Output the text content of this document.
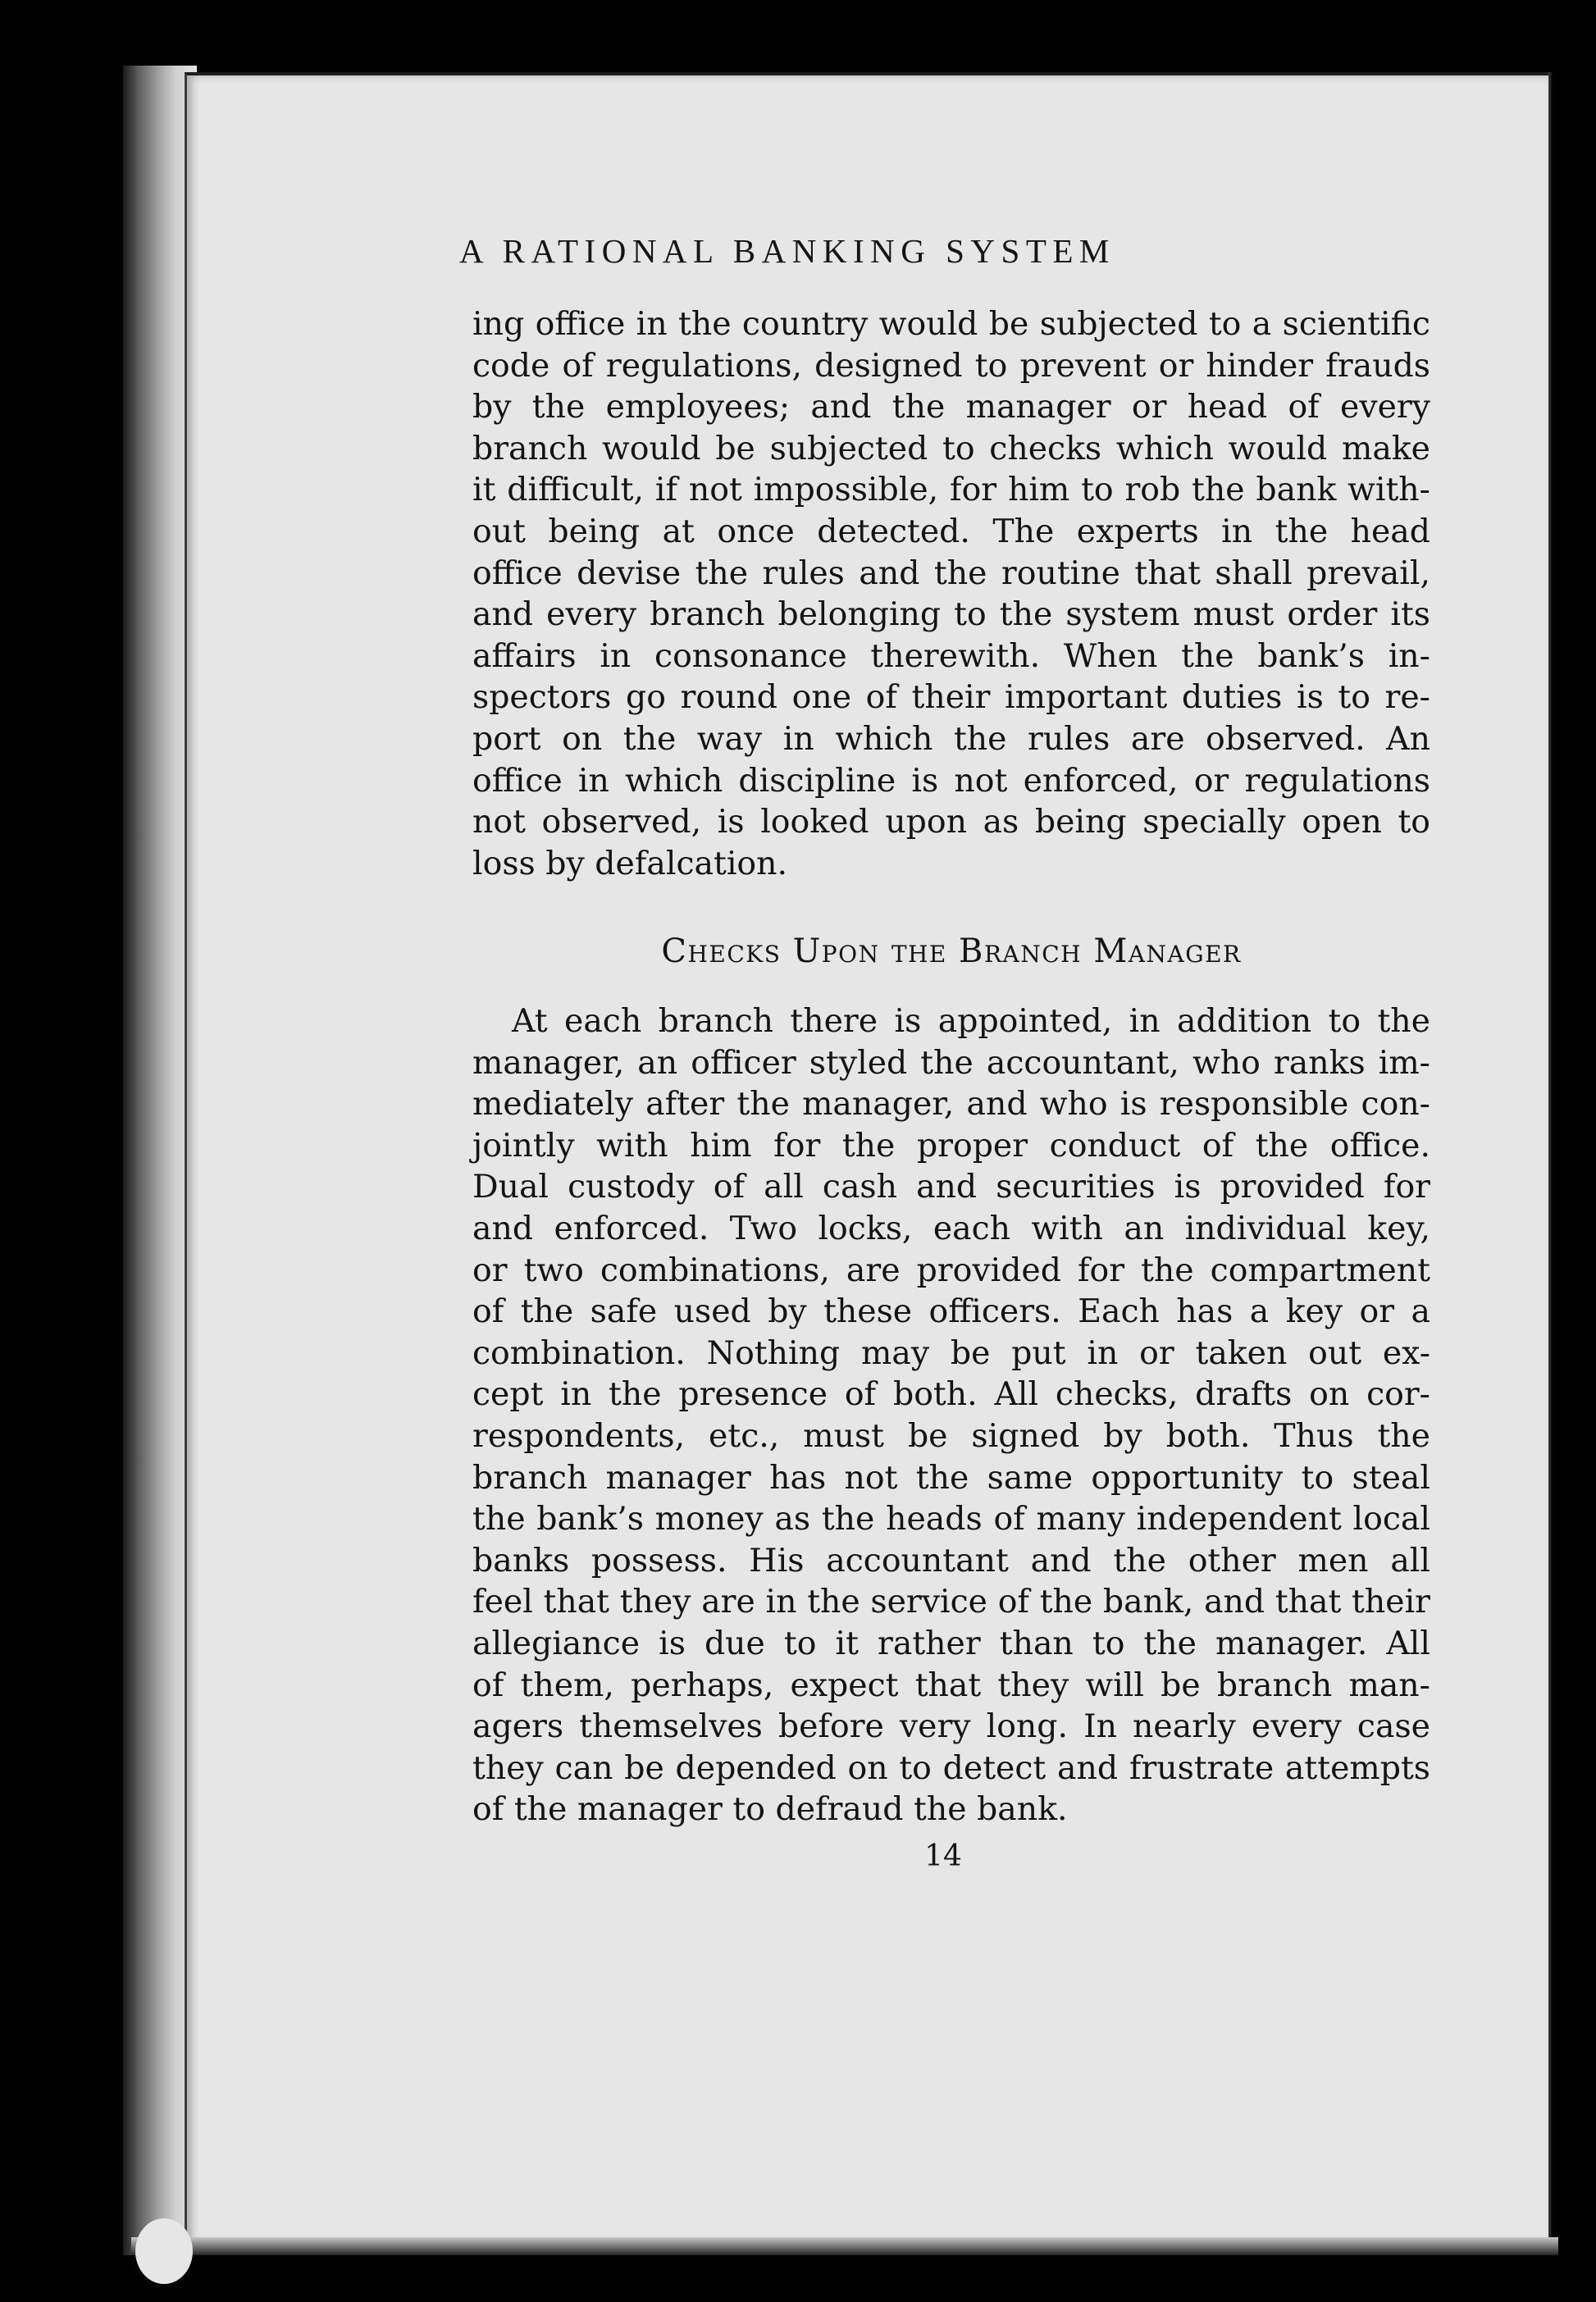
A RATIONAL BANKING SYSTEM
ing office in the country would be subjected to a scientific
code of regulations, designed to prevent or hinder frauds
by the employees; and the manager or head of every
branch would be subjected to checks which would make
it difficult, if not impossible, for him to rob the bank with-
out being at once detected. The experts in the head
office devise the rules and the routine that shall prevail,
and every branch belonging to the system must order its
affairs in consonance therewith. When the bank’s in-
spectors go round one of their important duties is to re-
port on the way in which the rules are observed. An
office in which discipline is not enforced, or regulations
not observed, is looked upon as being specially open to
loss by defalcation.
Checks Upon the Branch Manager
At each branch there is appointed, in addition to the
manager, an officer styled the accountant, who ranks im-
mediately after the manager, and who is responsible con-
jointly with him for the proper conduct of the office.
Dual custody of all cash and securities is provided for
and enforced. Two locks, each with an individual key,
or two combinations, are provided for the compartment
of the safe used by these officers. Each has a key or a
combination. Nothing may be put in or taken out ex-
cept in the presence of both. All checks, drafts on cor-
respondents, etc., must be signed by both. Thus the
branch manager has not the same opportunity to steal
the bank’s money as the heads of many independent local
banks possess. His accountant and the other men all
feel that they are in the service of the bank, and that their
allegiance is due to it rather than to the manager. All
of them, perhaps, expect that they will be branch man-
agers themselves before very long. In nearly every case
they can be depended on to detect and frustrate attempts
of the manager to defraud the bank.
14
